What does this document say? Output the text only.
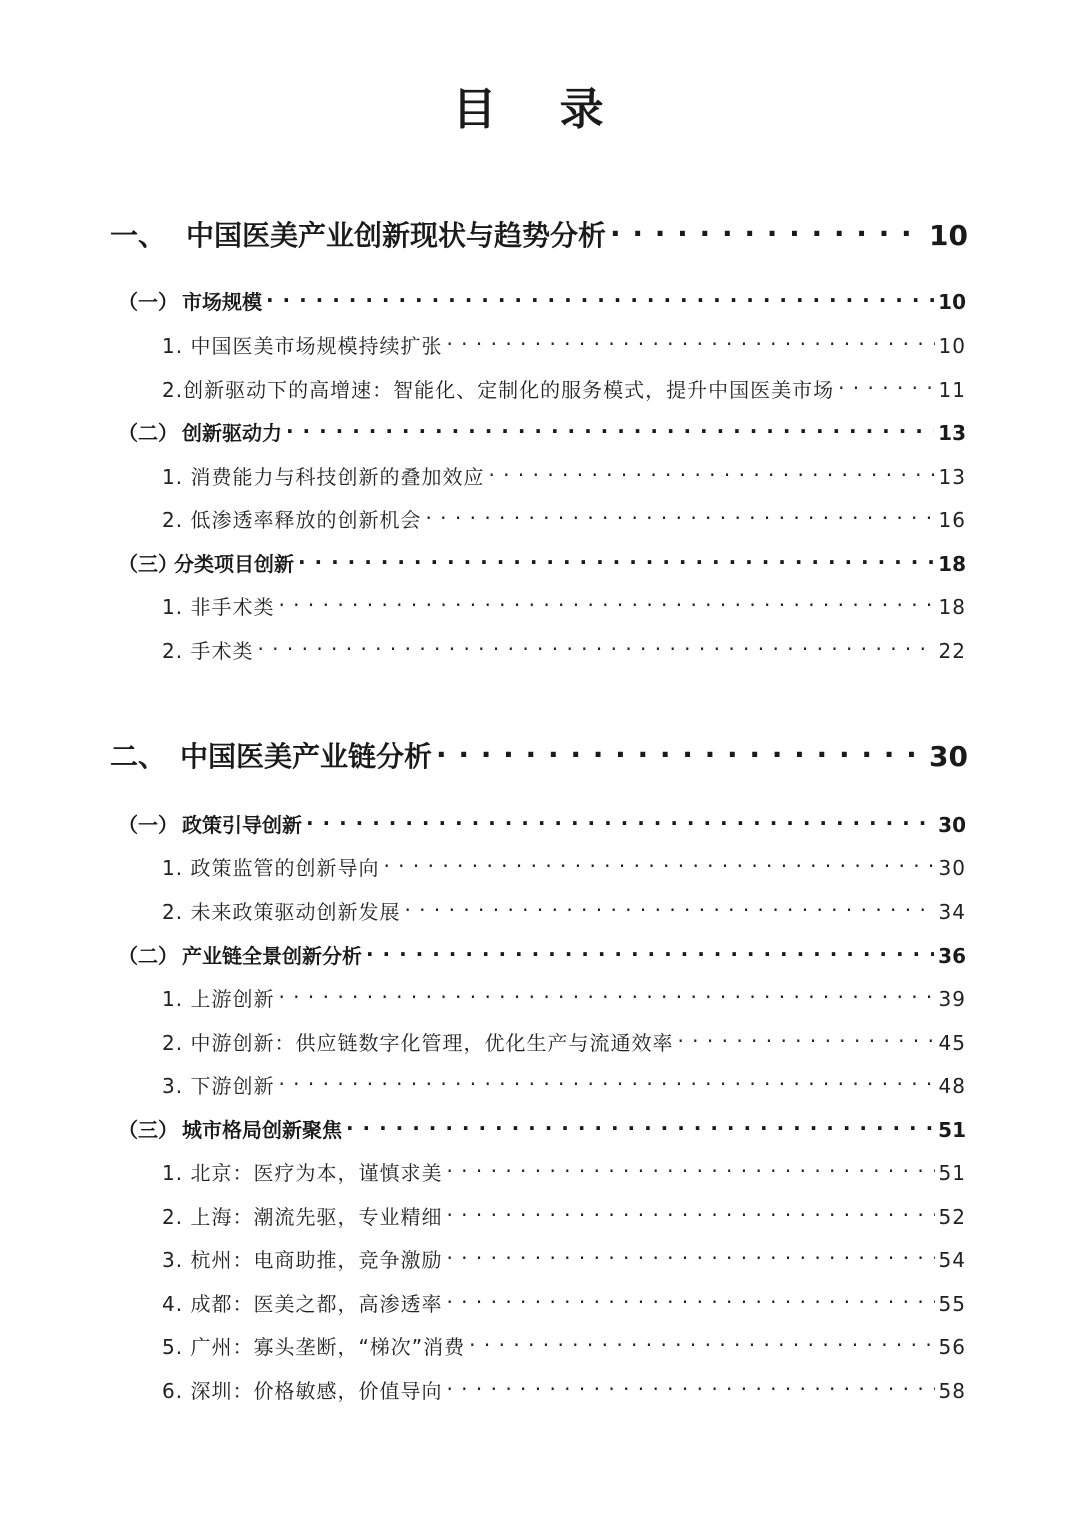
目 录
一、 中国医美产业创新现状与趋势分析 · · ·	10
（一） 市场规模 · · ·	10
1. 中国医美市场规模持续扩张 · · ·	10
2.创新驱动下的高增速：智能化、定制化的服务模式，提升中国医美市场 · · ·	11
（二） 创新驱动力 · · ·	13
1. 消费能力与科技创新的叠加效应 · · ·	13
2. 低渗透率释放的创新机会 · · ·	16
（三）分类项目创新 · · ·	18
1. 非手术类 · · ·	18
2. 手术类 · · ·	22
二、 中国医美产业链分析 · · ·	30
（一） 政策引导创新 · · ·	30
1. 政策监管的创新导向 · · ·	30
2. 未来政策驱动创新发展 · · ·	34
（二） 产业链全景创新分析 · · ·	36
1. 上游创新 · · ·	39
2. 中游创新：供应链数字化管理，优化生产与流通效率 · · ·	45
3. 下游创新 · · ·	48
（三） 城市格局创新聚焦 · · ·	51
1. 北京：医疗为本，谨慎求美 · · ·	51
2. 上海：潮流先驱，专业精细 · · ·	52
3. 杭州：电商助推，竞争激励 · · ·	54
4. 成都：医美之都，高渗透率 · · ·	55
5. 广州：寡头垄断，“梯次”消费 · · ·	56
6. 深圳：价格敏感，价值导向 · · ·	58
